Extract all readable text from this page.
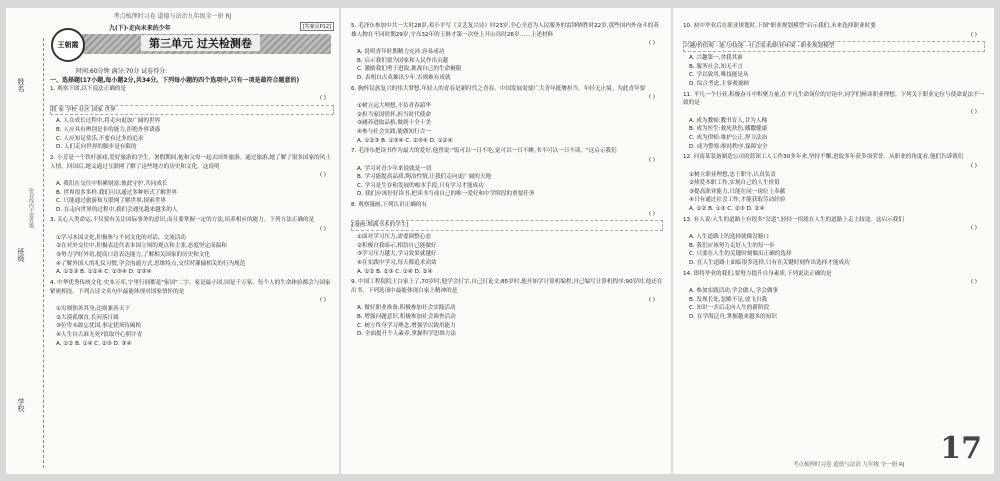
考点梳理时习卷 道德与法治九年级全一册 RJ
姓名
班级
学校
密封线内不要答题
王朝霞
九(下)·走向未来的少年
第三单元 过关检测卷
[答案见P12]
时间:60分钟 满分:70分 试卷得分:
一、选择题(17小题,每小题2分,共34分。下列每小题的四个选项中,只有一项是最符合题意的)
1. 观察下图,以下说法正确的是
( )
我 家 学校 社区 国家 世界
A. 人在成长过程中,将走向更加广阔的世界
B. 人应具有辨别是非的能力,拒绝外界诱惑
C. 人应知足常乐,不要有过多的追求
D. 人们走向世界的脚步是有限的
2. 小芳是一个铁杆游戏,爱好旅游的学生。暑假期间,她和父母一起去国外旅游。通过旅游,她了解了很多国家的风土人情。回国后,她又通过互联网了解了这些地方的历史和文化。这说明
( )
A. 我们在交往中积累财富,彼此守护,共同成长
B. 世界很多多样,我们可以通过多种形式了解世界
C. 只能通过旅游和互联网了解世界,探索世界
D. 在走向世界的过程中,我们会遇见越来越多的人
3. 关心人类命运,不仅要有关注国际事务的意识,而且要掌握一定的方法,培养相应的能力。下列方法正确的是
( )
①学习本国文化,积极参与不同文化的对话、交流活动
②在对外交往中,积极表达代表本国立场的观点和主张,态度坚定而温和
③努力学好外语,提高口语表达能力,了解相关国家的历史和文化
④了解外国人的礼仪习惯,学会沟通方式,思维特点,交往时灌输相关的行为规范
A. ①②③ B. ①②④ C. ①③④ D. ②③④
4. 中华优秀传统文化 史本万库,字里行间都是"家国"二字。家是最小国,国是千万家。每个人的生命体验都会与国家紧密相连。下列古诗文名句中最能体现对国家情怀的是
( )
①穷则独善其身,达则兼善天下
②大漠孤烟直,长河落日圆
③位卑未敢忘忧国,事定犹须待阖棺
④人生自古谁无死?留取丹心照汗青
A. ①② B. ①④ C. ②③ D. ③④
5. 毛泽东参加中共一大时28岁,邓小平写《文艺复兴诗》时23岁,全心全意为人民服务的雷锋牺牲时22岁,那些国内外奋斗的英雄人物在不同时期29岁,守岛32年的王继才第一次登上开山岛时26岁……上述材料
( )
A. 说明青年时期精力充沛,容易成功
B. 启示我们要为国家和人民作出贡献
C. 激励我们勇于进取,挑战自己的生命极限
D. 表明自古英雄出少年,否则难有成就
6. 胸怀民族复兴的伟大梦想,年轻人的青春是新时代之青春。中国发展需要广大青年挺膺担当。年轻无止境。为此青年要
( )
①树立远大理想,不负青春韶华
②担当家国情怀,担当时代使命
③涵养进取品格,做到十全十美
④参与社会实践,能做知行合一
A. ①②③ B. ①③④ C. ②③④ D. ①②④
7. 毛泽东把读书作为最大的爱好,他曾说:"饭可以一日不吃,觉可以一日不睡,书不可以一日不读。"这启示我们
( )
A. 学习对青少年来说就是一切
B. 学习能提高品质,陶冶性情,让我们走向更广阔的天地
C. 学习是生存和发展的根本手段,只有学习才能成功
D. 我们应该好好读书,把读书当成自己的唯一爱好和中学阶段的重要任务
8. 观察漫画,下列认识正确的有
( )
[漫画:堆满书本的学生]
①面对学习压力,需要调整心态
②积极自我暗示,相信自己能做好
③学习压力越大,学习效果就越好
④在实践中学习,每天都追求高效
A. ①② B. ②③ C. ①④ D. ②④
9. 中国工程院院士白家上了,70岁时,他学会打字,自己打论文;85岁时,他开始学计算机编程,自已编写计算机程序;90岁时,他还在出书。下列选项中最能体现白家上精神的是
( )
A. 做好职业准备,积极参加社会实践活动
B. 增强问题意识,积极参加社会调查活动
C. 树立终身学习理念,增强学以致用能力
D. 全面提升个人素养,掌握科学思维方法
10. 初中毕业后在职业规划时,下图"职业规划模型"启示我们,未来选择职业时要
( )
兴趣/价值观 · 能力/技能 · 社会需求/职业环境 · 职业规划模型
A. 兴趣第一,舍我其谁
B. 服务社会,知无不言
C. 学以致用,唯技能是从
D. 综合考虑,主客观兼顾
11. 平凡一个行业,积极奋斗中积聚力量,在平凡生命岗位的讨论中,同学们畅谈职业理想。下列关于职业定位与使命说法不一致的是
( )
A. 成为教师:教书育人,甘为人梯
B. 成为医生:救死扶伤,播撒健康
C. 成为律师:维护公正,捍卫法治
D. 成为警察:维持秩序,保障安全
12. 河南某装备制造公司的蓝领工人工作30多年来,坚持不懈,进取多年获多项荣誉。从职业的角度看,他们告诉我们
( )
①树立职业理想,忠于职守,认真负责
②热爱本职工作,实现自己的人生价值
③提高职业能力,只能在同一岗位上奉献
④只有通过社会工作,才能获取劳动经验
A. ①② B. ①③ C. ②③ D. ②④
13. 有人说:人生的道路上有很多"岔道",轻轻一拐就在人生的道路上走上歧途。这启示我们
( )
A. 人生道路上的选择就像岔路口
B. 我们应该努力走好人生的每一步
C. 只要在人生的关键时刻做出正确的选择
D. 在人生道路上面临很多选择,只有在关键时刻作出选择才能成功
14. 即将毕业的我们,要努力提升自身素质,下列说法正确的是
( )
A. 参加实践活动,学会做人,学会做事
B. 发现长处,忽略不足,放飞自我
C. 知识一并后走向人生的新阶段
D. 在学海泛舟,掌握越来越多的知识
考点梳理时习卷 道德与法治 九年级 全一册 RJ 17
